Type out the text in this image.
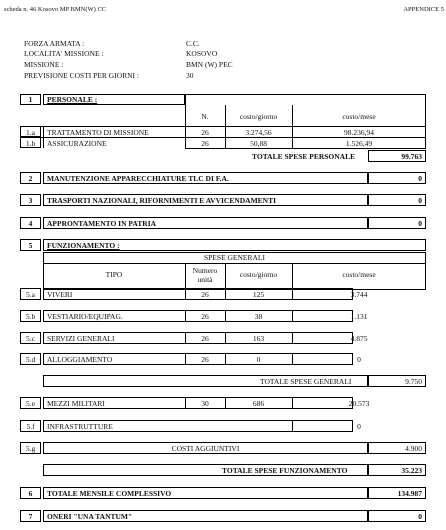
scheda n. 46 Kosovo MP BMN(W) CC	APPENDICE 5
FORZA ARMATA :	C.C.
LOCALITA' MISSIONE :	KOSOVO
MISSIONE :	BMN (W) PEC
PREVISIONE COSTI PER GIORNI :	30
1	PERSONALE :
N.	costo/giorno	costo/mese
1.a	TRATTAMENTO DI MISSIONE	26	3.274,56	98.236,94
1.b	ASSICURAZIONE	26	50,88	1.526,49
TOTALE SPESE PERSONALE	99.763
2	MANUTENZIONE APPARECCHIATURE TLC DI F.A.	0
3	TRASPORTI NAZIONALI, RIFORNIMENTI E AVVICENDAMENTI	0
4	APPRONTAMENTO IN PATRIA	0
5	FUNZIONAMENTO :
SPESE GENERALI
TIPO	Numero
unità
costo/giorno	costo/mese
5.a	VIVERI	26	125	3.744
5.b	VESTIARIO/EQUIPAG.	26	38	1.131
5.c	SERVIZI GENERALI	26	163	4.875
5.d	ALLOGGIAMENTO	26	0	0
TOTALE SPESE GENERALI	9.750
5.e	MEZZI MILITARI	30	686	20.573
5.f	INFRASTRUTTURE	0
5.g	COSTI AGGIUNTIVI	4.900
TOTALE SPESE FUNZIONAMENTO	35.223
6	TOTALE MENSILE COMPLESSIVO	134.987
7	ONERI "UNA TANTUM"	0
